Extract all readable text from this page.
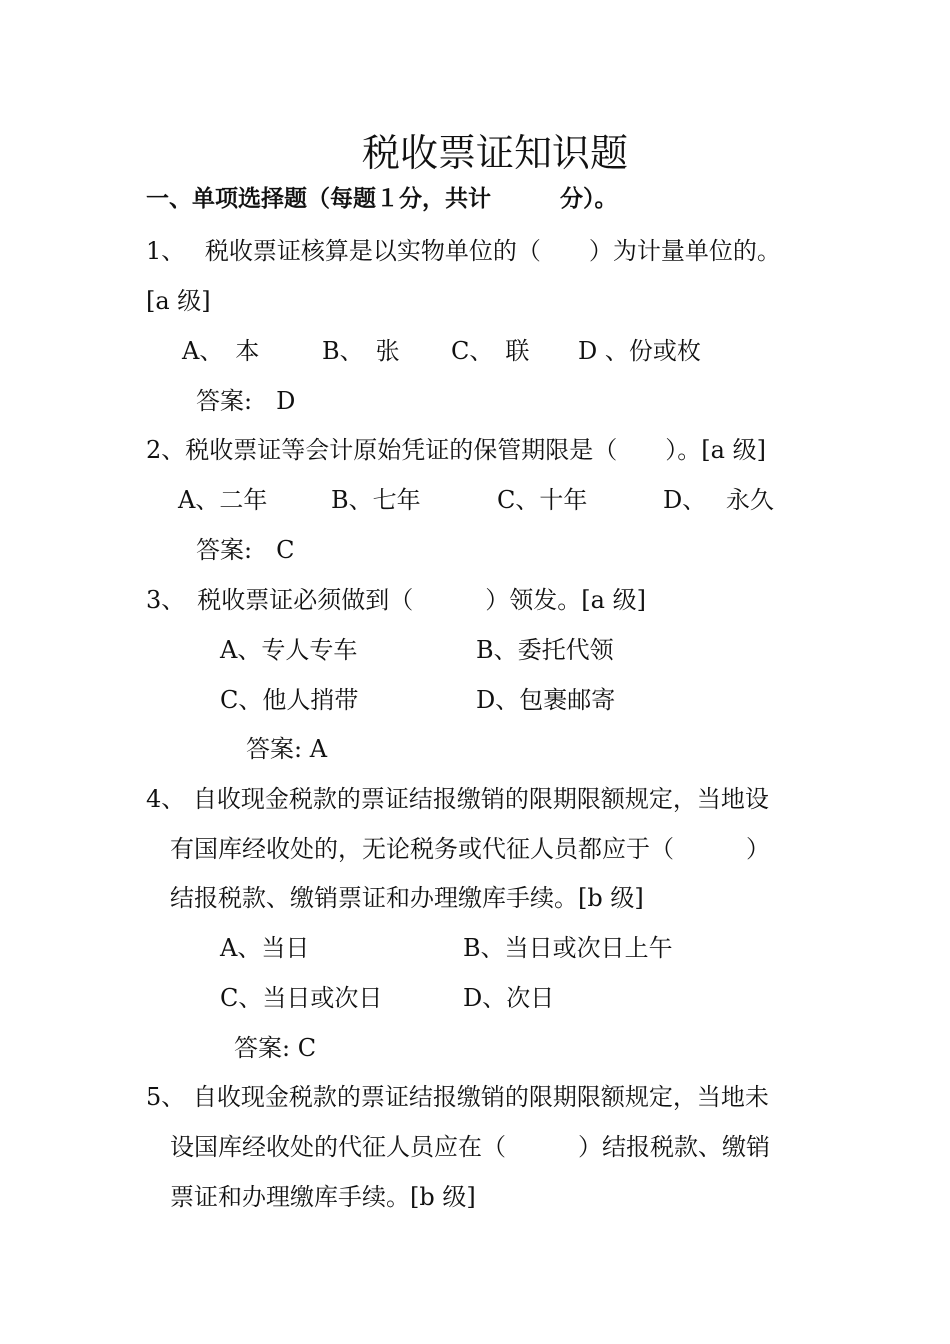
税收票证知识题
一、单项选择题（每题１分，共计　　　分）。
1、　 税收票证核算是以实物单位的（　　）为计量单位的。
[a 级]
A、　本	B、　张 C、　联 D 、份或枚
答案:　D
2、税收票证等会计原始凭证的保管期限是（　　）。[a 级]
A、二年	B、七年	C、十年	D、　 永久
答案:　C
3、　税收票证必须做到（　　　）领发。[a 级]
A、专人专车	B、委托代领
C、他人捎带	D、包裹邮寄
答案: A
4、 自收现金税款的票证结报缴销的限期限额规定，当地设
有国库经收处的，无论税务或代征人员都应于（　　　）
结报税款、缴销票证和办理缴库手续。[b 级]
A、当日	B、当日或次日上午
C、当日或次日	D、次日
答案: C
5、 自收现金税款的票证结报缴销的限期限额规定，当地未
设国库经收处的代征人员应在（　　　）结报税款、缴销
票证和办理缴库手续。[b 级]
